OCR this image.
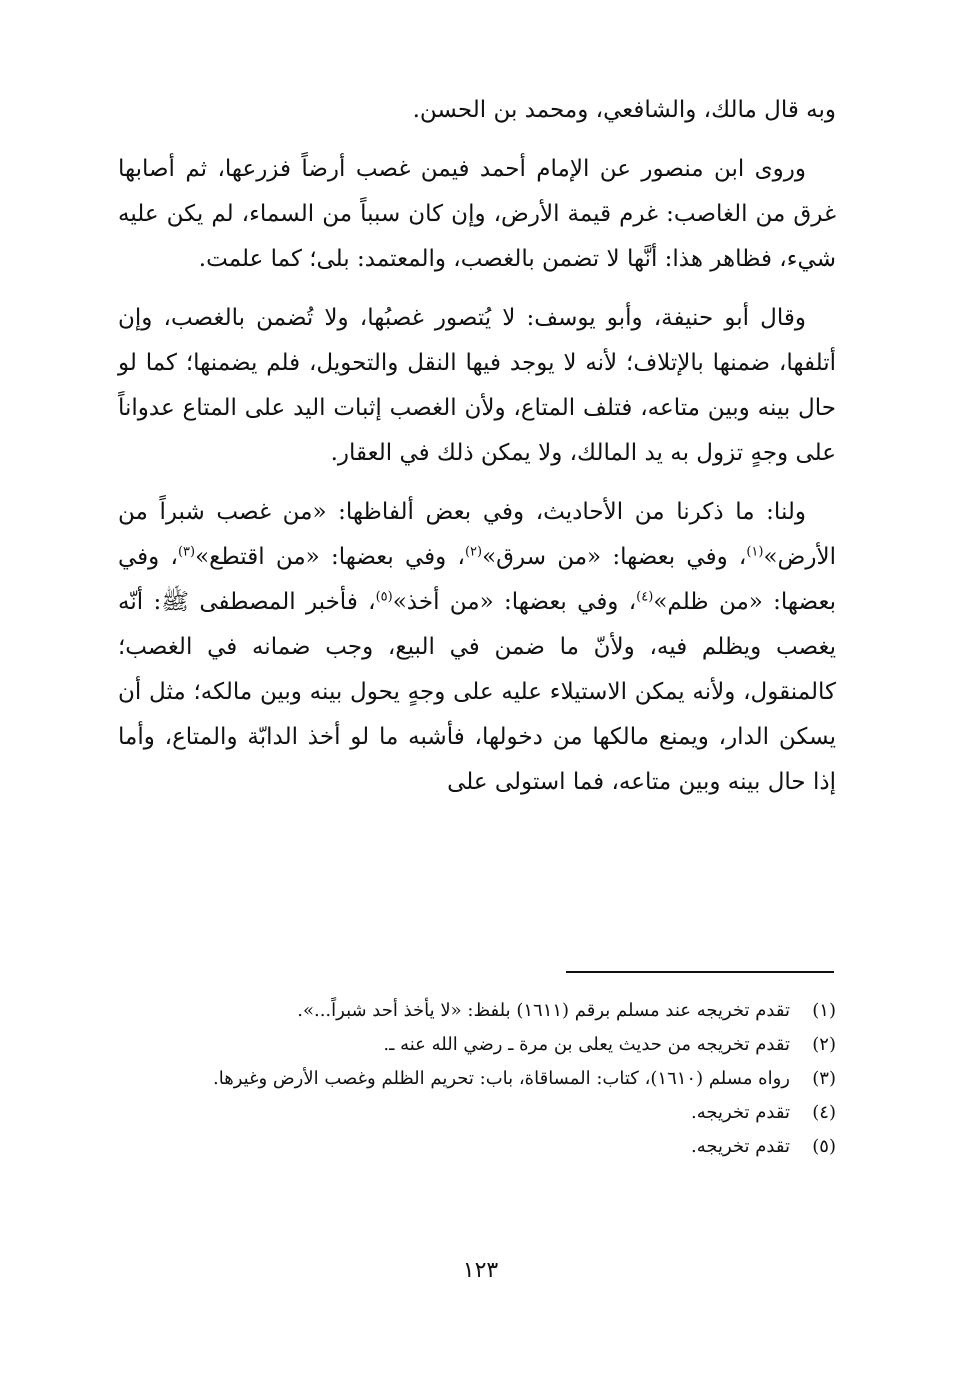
وبه قال مالك، والشافعي، ومحمد بن الحسن.

وروى ابن منصور عن الإمام أحمد فيمن غصب أرضاً فزرعها، ثم أصابها غرق من الغاصب: غرم قيمة الأرض، وإن كان سبباً من السماء، لم يكن عليه شيء، فظاهر هذا: أنَّها لا تضمن بالغصب، والمعتمد: بلى؛ كما علمت.

وقال أبو حنيفة، وأبو يوسف: لا يُتصور غصبُها، ولا تُضمن بالغصب، وإن أتلفها، ضمنها بالإتلاف؛ لأنه لا يوجد فيها النقل والتحويل، فلم يضمنها؛ كما لو حال بينه وبين متاعه، فتلف المتاع، ولأن الغصب إثبات اليد على المتاع عدواناً على وجهٍ تزول به يد المالك، ولا يمكن ذلك في العقار.

ولنا: ما ذكرنا من الأحاديث، وفي بعض ألفاظها: «من غصب شبراً من الأرض»$^{(١)}$، وفي بعضها: «من سرق»$^{(٢)}$، وفي بعضها: «من اقتطع»$^{(٣)}$، وفي بعضها: «من ظلم»$^{(٤)}$، وفي بعضها: «من أخذ»$^{(٥)}$، فأخبر المصطفى ﷺ: أنّه يغصب ويظلم فيه، ولأنّ ما ضمن في البيع، وجب ضمانه في الغصب؛ كالمنقول، ولأنه يمكن الاستيلاء عليه على وجهٍ يحول بينه وبين مالكه؛ مثل أن يسكن الدار، ويمنع مالكها من دخولها، فأشبه ما لو أخذ الدابّة والمتاع، وأما إذا حال بينه وبين متاعه، فما استولى على

(١)
تقدم تخريجه عند مسلم برقم (١٦١١) بلفظ: «لا يأخذ أحد شبراً...».
(٢)
تقدم تخريجه من حديث يعلى بن مرة ـ رضي الله عنه ـ.
(٣)
رواه مسلم (١٦١٠)، كتاب: المساقاة، باب: تحريم الظلم وغصب الأرض وغيرها.
(٤)
تقدم تخريجه.
(٥)
تقدم تخريجه.
١٢٣
